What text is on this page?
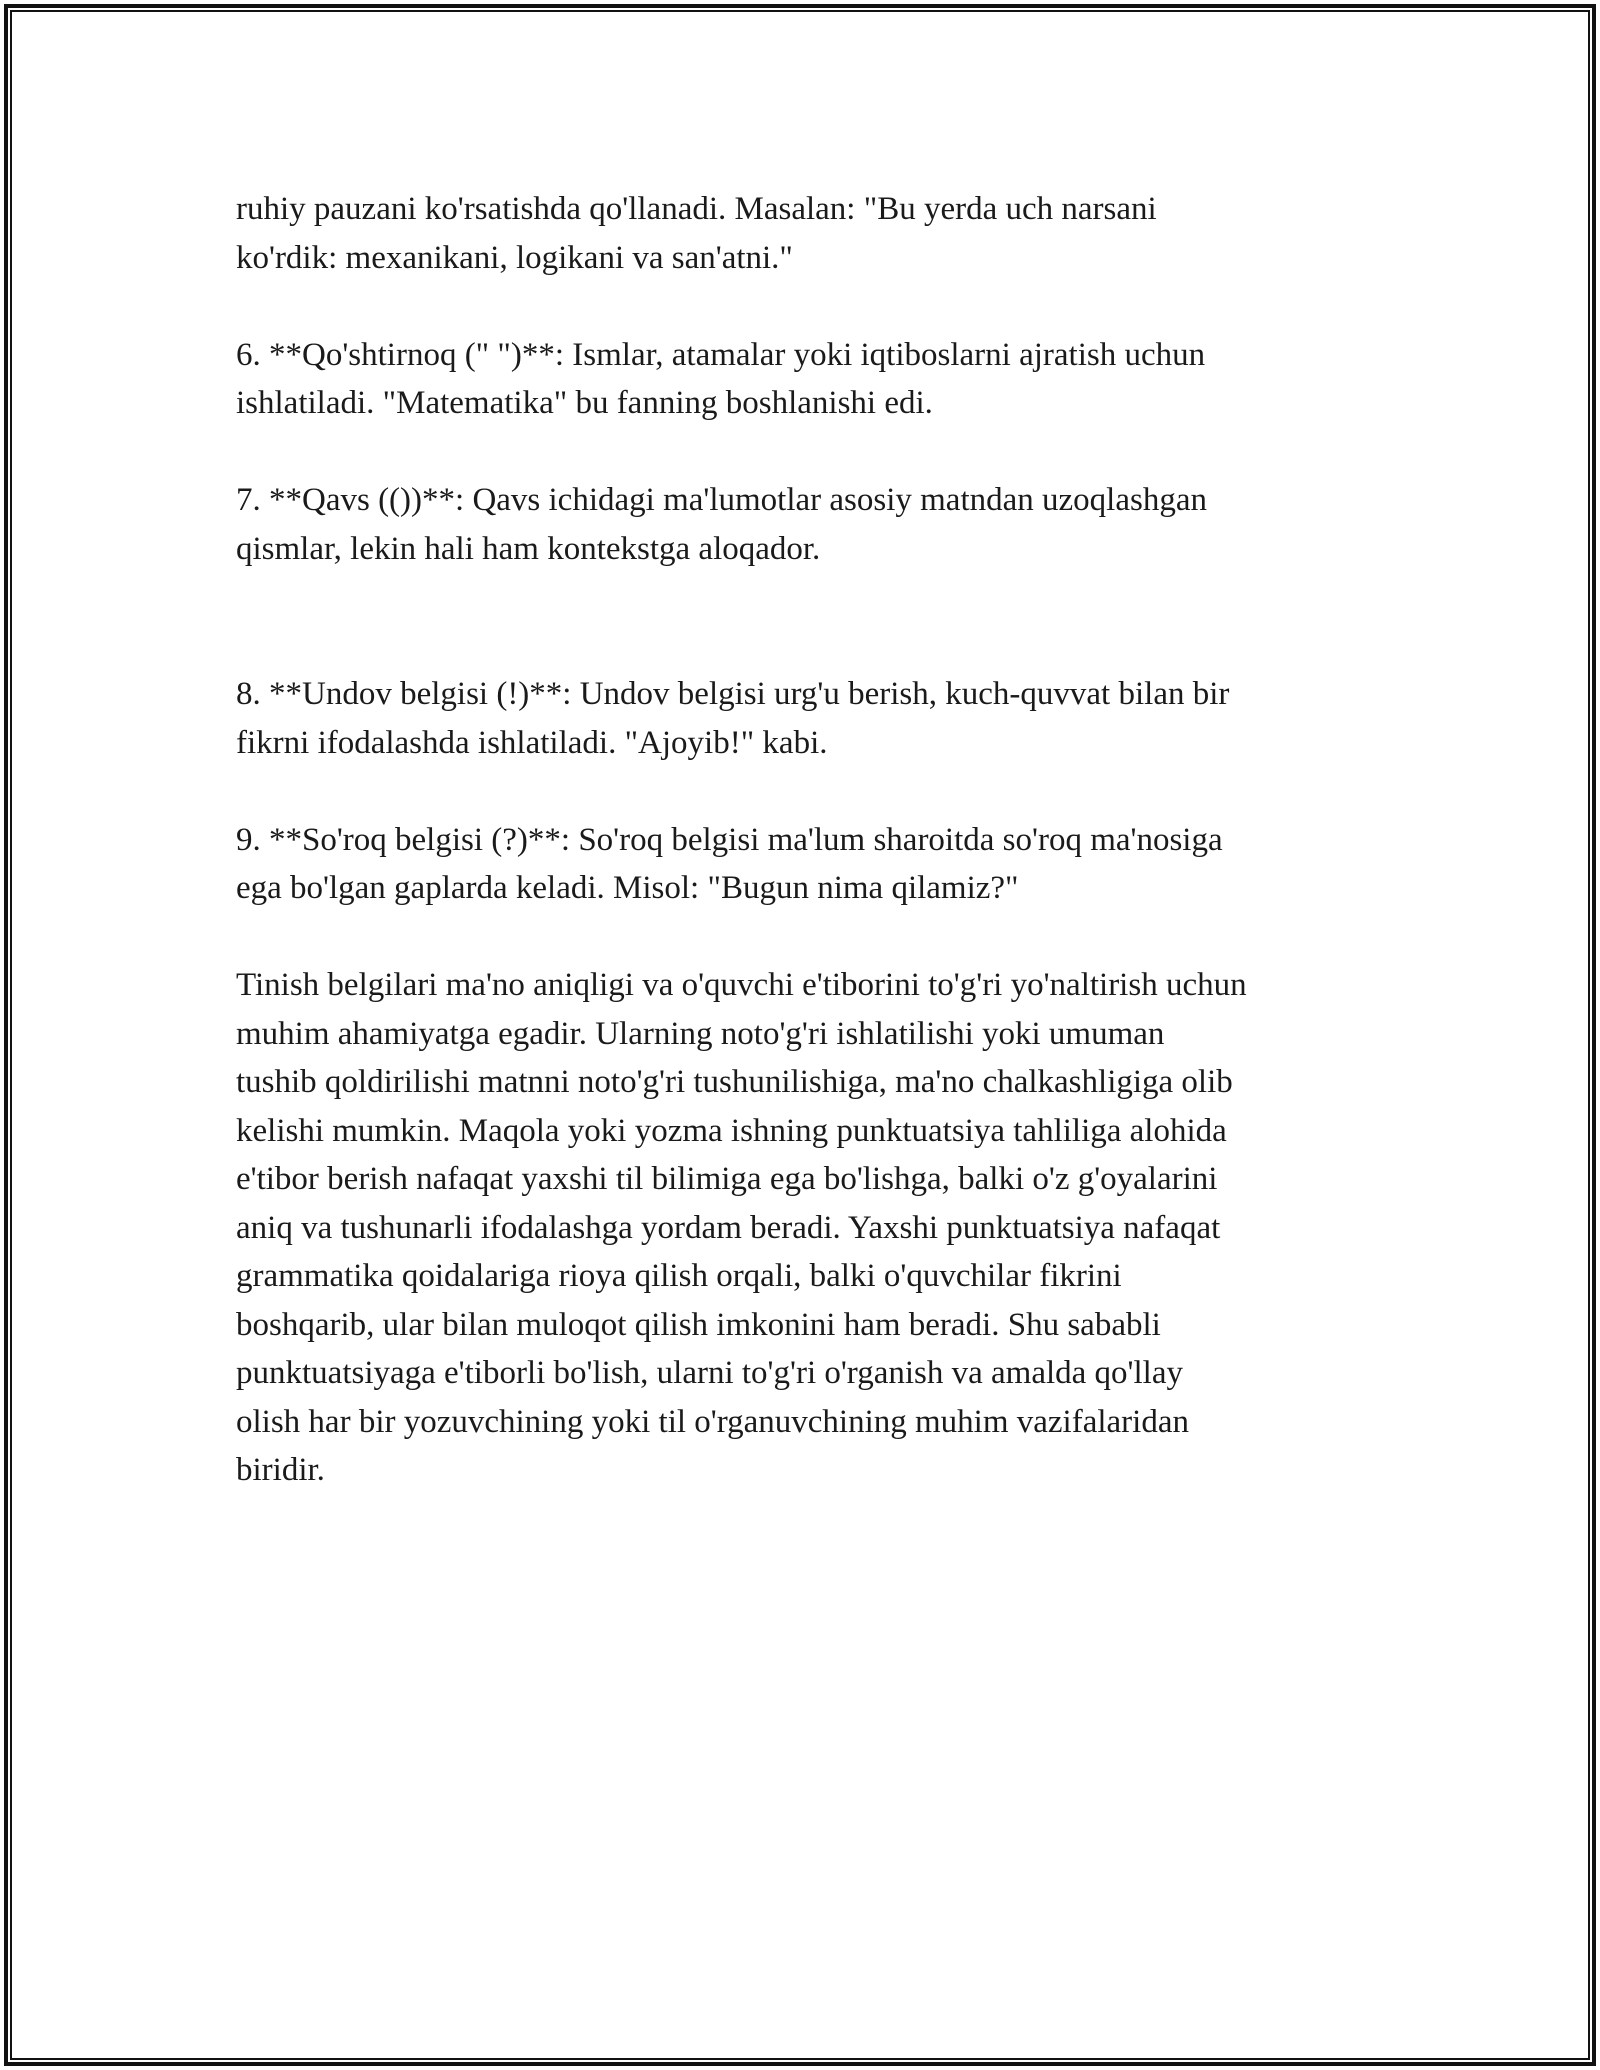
ruhiy pauzani ko'rsatishda qo'llanadi. Masalan: "Bu yerda uch narsani
ko'rdik: mexanikani, logikani va san'atni."

6. **Qo'shtirnoq (" ")**: Ismlar, atamalar yoki iqtiboslarni ajratish uchun
ishlatiladi. "Matematika" bu fanning boshlanishi edi.

7. **Qavs (())**: Qavs ichidagi ma'lumotlar asosiy matndan uzoqlashgan
qismlar, lekin hali ham kontekstga aloqador.

8. **Undov belgisi (!)**: Undov belgisi urg'u berish, kuch-quvvat bilan bir
fikrni ifodalashda ishlatiladi. "Ajoyib!" kabi.

9. **So'roq belgisi (?)**: So'roq belgisi ma'lum sharoitda so'roq ma'nosiga
ega bo'lgan gaplarda keladi. Misol: "Bugun nima qilamiz?"

Tinish belgilari ma'no aniqligi va o'quvchi e'tiborini to'g'ri yo'naltirish uchun
muhim ahamiyatga egadir. Ularning noto'g'ri ishlatilishi yoki umuman
tushib qoldirilishi matnni noto'g'ri tushunilishiga, ma'no chalkashligiga olib
kelishi mumkin. Maqola yoki yozma ishning punktuatsiya tahliliga alohida
e'tibor berish nafaqat yaxshi til bilimiga ega bo'lishga, balki o'z g'oyalarini
aniq va tushunarli ifodalashga yordam beradi. Yaxshi punktuatsiya nafaqat
grammatika qoidalariga rioya qilish orqali, balki o'quvchilar fikrini
boshqarib, ular bilan muloqot qilish imkonini ham beradi. Shu sababli
punktuatsiyaga e'tiborli bo'lish, ularni to'g'ri o'rganish va amalda qo'llay
olish har bir yozuvchining yoki til o'rganuvchining muhim vazifalaridan
biridir.
